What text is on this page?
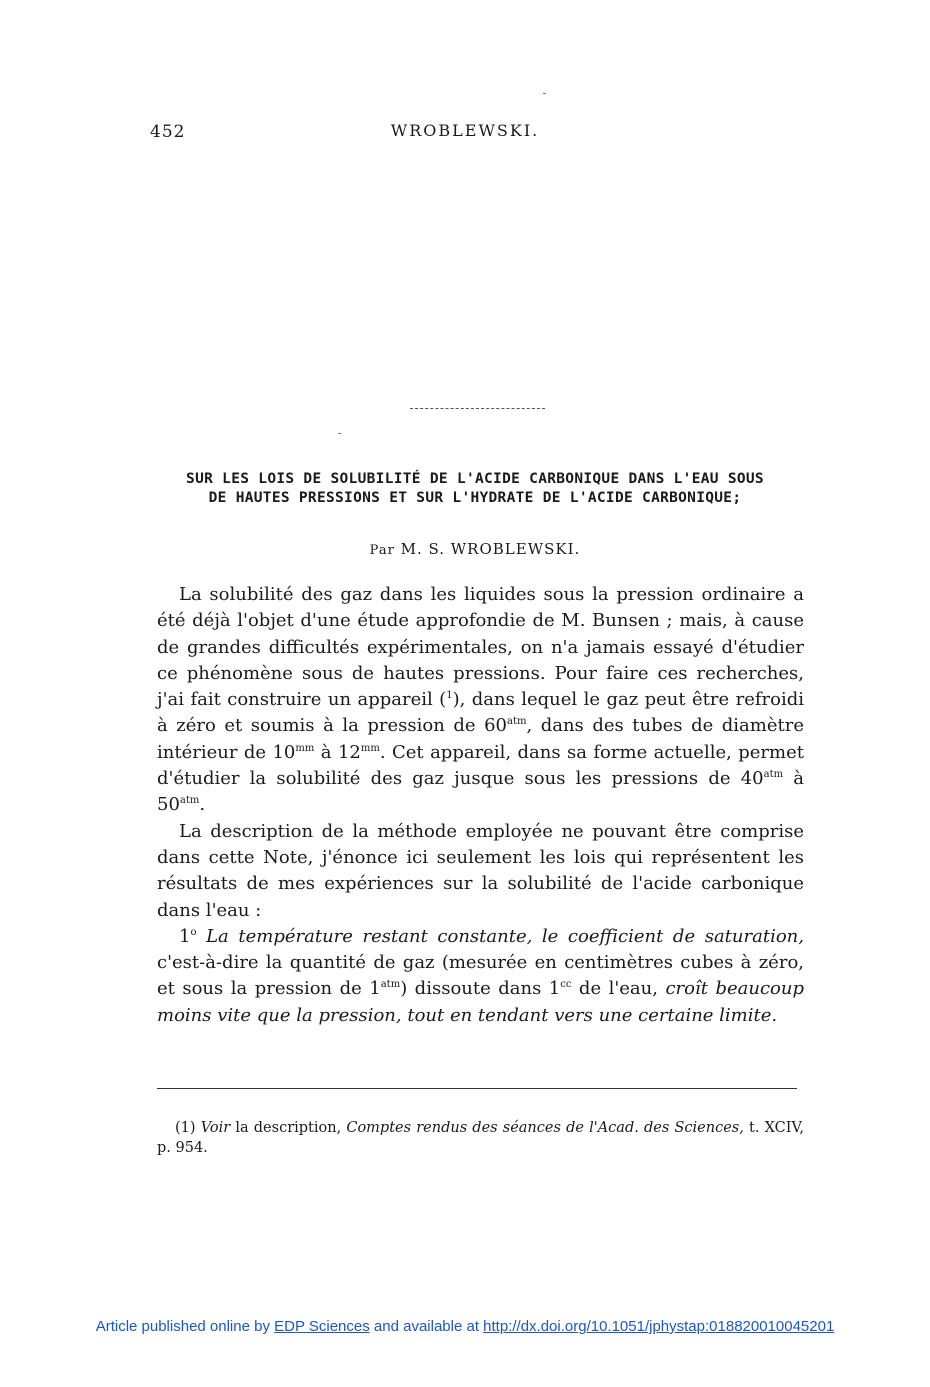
452	WROBLEWSKI.
SUR LES LOIS DE SOLUBILITÉ DE L'ACIDE CARBONIQUE DANS L'EAU SOUS
DE HAUTES PRESSIONS ET SUR L'HYDRATE DE L'ACIDE CARBONIQUE;
Par M. S. WROBLEWSKI.

La solubilité des gaz dans les liquides sous la pression ordinaire a été déjà l'objet d'une étude approfondie de M. Bunsen ; mais, à cause de grandes difficultés expérimentales, on n'a jamais essayé d'étudier ce phénomène sous de hautes pressions. Pour faire ces recherches, j'ai fait construire un appareil ($^1$), dans lequel le gaz peut être refroidi à zéro et soumis à la pression de $60^{atm}$, dans des tubes de diamètre intérieur de $10^{mm}$ à $12^{mm}$. Cet appareil, dans sa forme actuelle, permet d'étudier la solubilité des gaz jusque sous les pressions de $40^{atm}$ à $50^{atm}$.

La description de la méthode employée ne pouvant être comprise dans cette Note, j'énonce ici seulement les lois qui représentent les résultats de mes expériences sur la solubilité de l'acide carbonique dans l'eau :

1$^o$ La température restant constante, le coefficient de saturation, c'est-à-dire la quantité de gaz (mesurée en centimètres cubes à zéro, et sous la pression de $1^{atm}$) dissoute dans $1^{cc}$ de l'eau, croît beaucoup moins vite que la pression, tout en tendant vers une certaine limite.

(1) Voir la description, Comptes rendus des séances de l'Acad. des Sciences, t. XCIV, p. 954.

Article published online by EDP Sciences and available at http://dx.doi.org/10.1051/jphystap:018820010045201
